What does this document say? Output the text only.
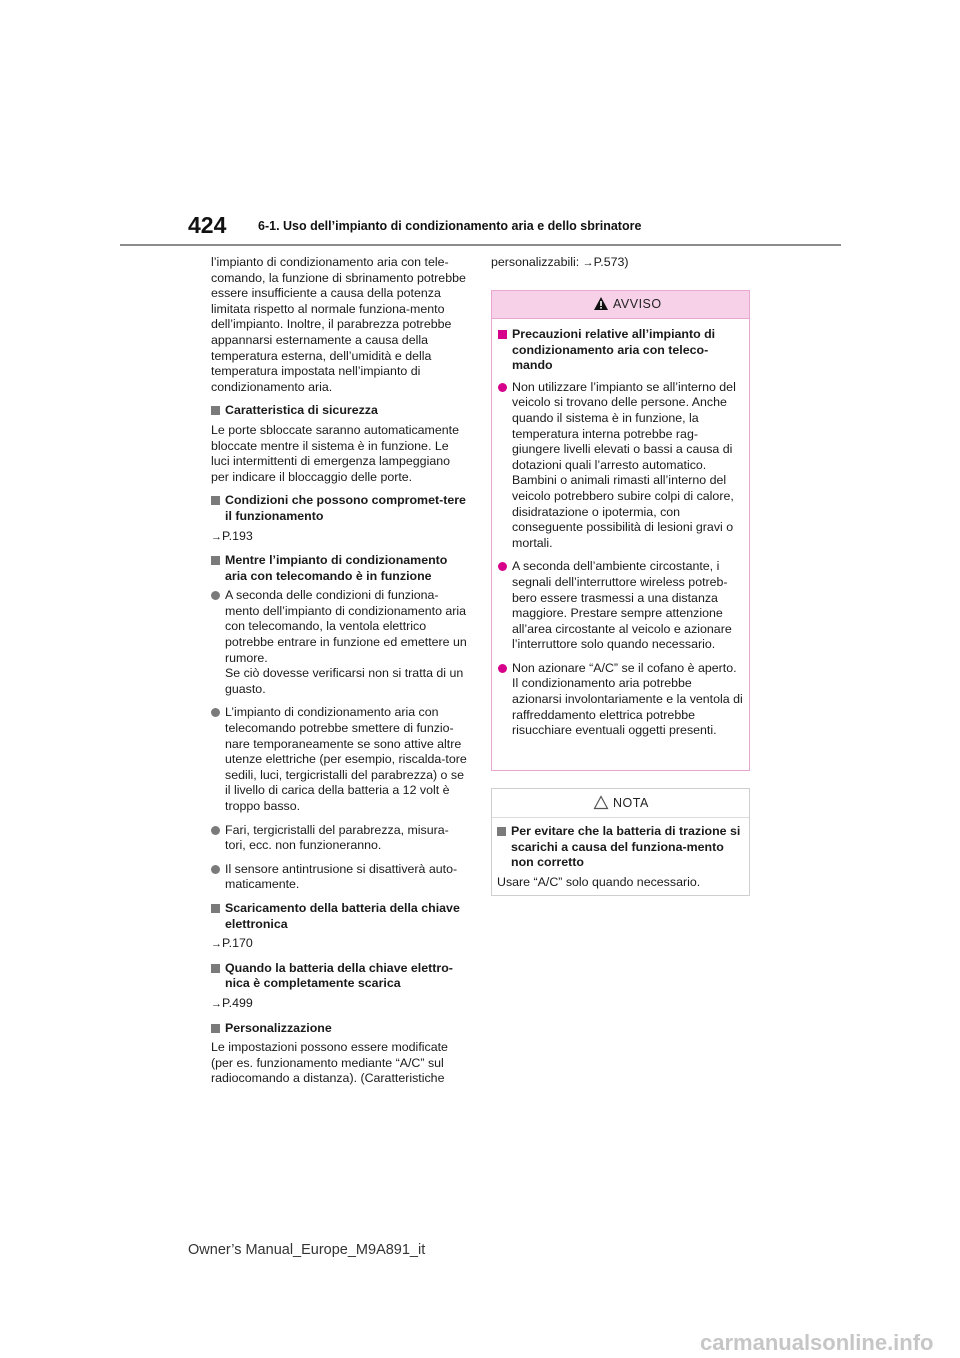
424	6-1. Uso dell’impianto di condizionamento aria e dello sbrinatore

l’impianto di condizionamento aria con tele-comando, la funzione di sbrinamento potrebbe essere insufficiente a causa della potenza limitata rispetto al normale funziona-mento dell’impianto. Inoltre, il parabrezza potrebbe appannarsi esternamente a causa della temperatura esterna, dell’umidità e della temperatura impostata nell’impianto di condizionamento aria.

Caratteristica di sicurezza

Le porte sbloccate saranno automaticamente bloccate mentre il sistema è in funzione. Le luci intermittenti di emergenza lampeggiano per indicare il bloccaggio delle porte.

Condizioni che possono compromet-tere il funzionamento

→P.193

Mentre l’impianto di condizionamento aria con telecomando è in funzione
A seconda delle condizioni di funziona-mento dell’impianto di condizionamento aria con telecomando, la ventola elettrico potrebbe entrare in funzione ed emettere un rumore.
Se ciò dovesse verificarsi non si tratta di un guasto.
L’impianto di condizionamento aria con telecomando potrebbe smettere di funzio-nare temporaneamente se sono attive altre utenze elettriche (per esempio, riscalda-tore sedili, luci, tergicristalli del parabrezza) o se il livello di carica della batteria a 12 volt è troppo basso.
Fari, tergicristalli del parabrezza, misura-tori, ecc. non funzioneranno.
Il sensore antintrusione si disattiverà auto-maticamente.
Scaricamento della batteria della chiave elettronica

→P.170

Quando la batteria della chiave elettro-nica è completamente scarica

→P.499

Personalizzazione

Le impostazioni possono essere modificate (per es. funzionamento mediante “A/C” sul radiocomando a distanza). (Caratteristiche

personalizzabili: →P.573)
AVVISO
Precauzioni relative all’impianto di condizionamento aria con teleco-mando
Non utilizzare l’impianto se all’interno del veicolo si trovano delle persone. Anche quando il sistema è in funzione, la temperatura interna potrebbe rag-giungere livelli elevati o bassi a causa di dotazioni quali l’arresto automatico. Bambini o animali rimasti all’interno del veicolo potrebbero subire colpi di calore, disidratazione o ipotermia, con conseguente possibilità di lesioni gravi o mortali.
A seconda dell’ambiente circostante, i segnali dell’interruttore wireless potreb-bero essere trasmessi a una distanza maggiore. Prestare sempre attenzione all’area circostante al veicolo e azionare l’interruttore solo quando necessario.
Non azionare “A/C” se il cofano è aperto. Il condizionamento aria potrebbe azionarsi involontariamente e la ventola di raffreddamento elettrica potrebbe risucchiare eventuali oggetti presenti.
NOTA
Per evitare che la batteria di trazione si scarichi a causa del funziona-mento non corretto

Usare “A/C” solo quando necessario.

Owner’s Manual_Europe_M9A891_it
carmanualsonline.info
